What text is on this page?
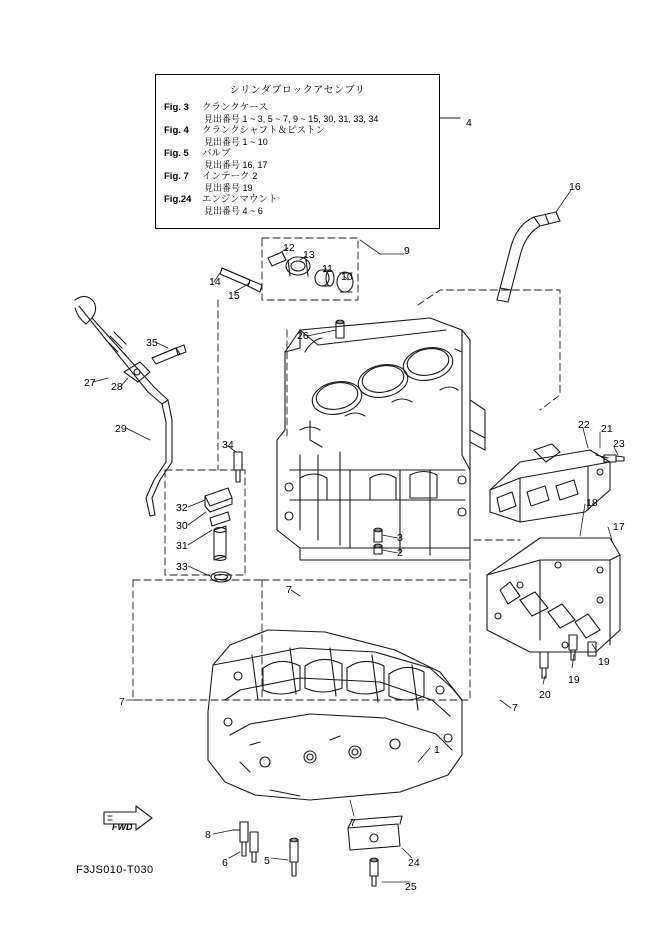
シリンダブロックアセンブリ
Fig. 3 クランクケース
見出番号 1 ~ 3, 5 ~ 7, 9 ~ 15, 30, 31, 33, 34
Fig. 4 クランクシャフト＆ピストン
見出番号 1 ~ 10
Fig. 5 バルブ
見出番号 16, 17
Fig. 7 インテーク 2
見出番号 19
Fig.24 エンジンマウント
見出番号 4 ~ 6
1
2
3
4
5
6
7
7
7
7
8
9
10
11
12
13
14
15
16
17
18
19
19
20
21
22
23
24
25
26
27 28
29
30
31
32
33
34
35
FWD
F3JS010-T030
